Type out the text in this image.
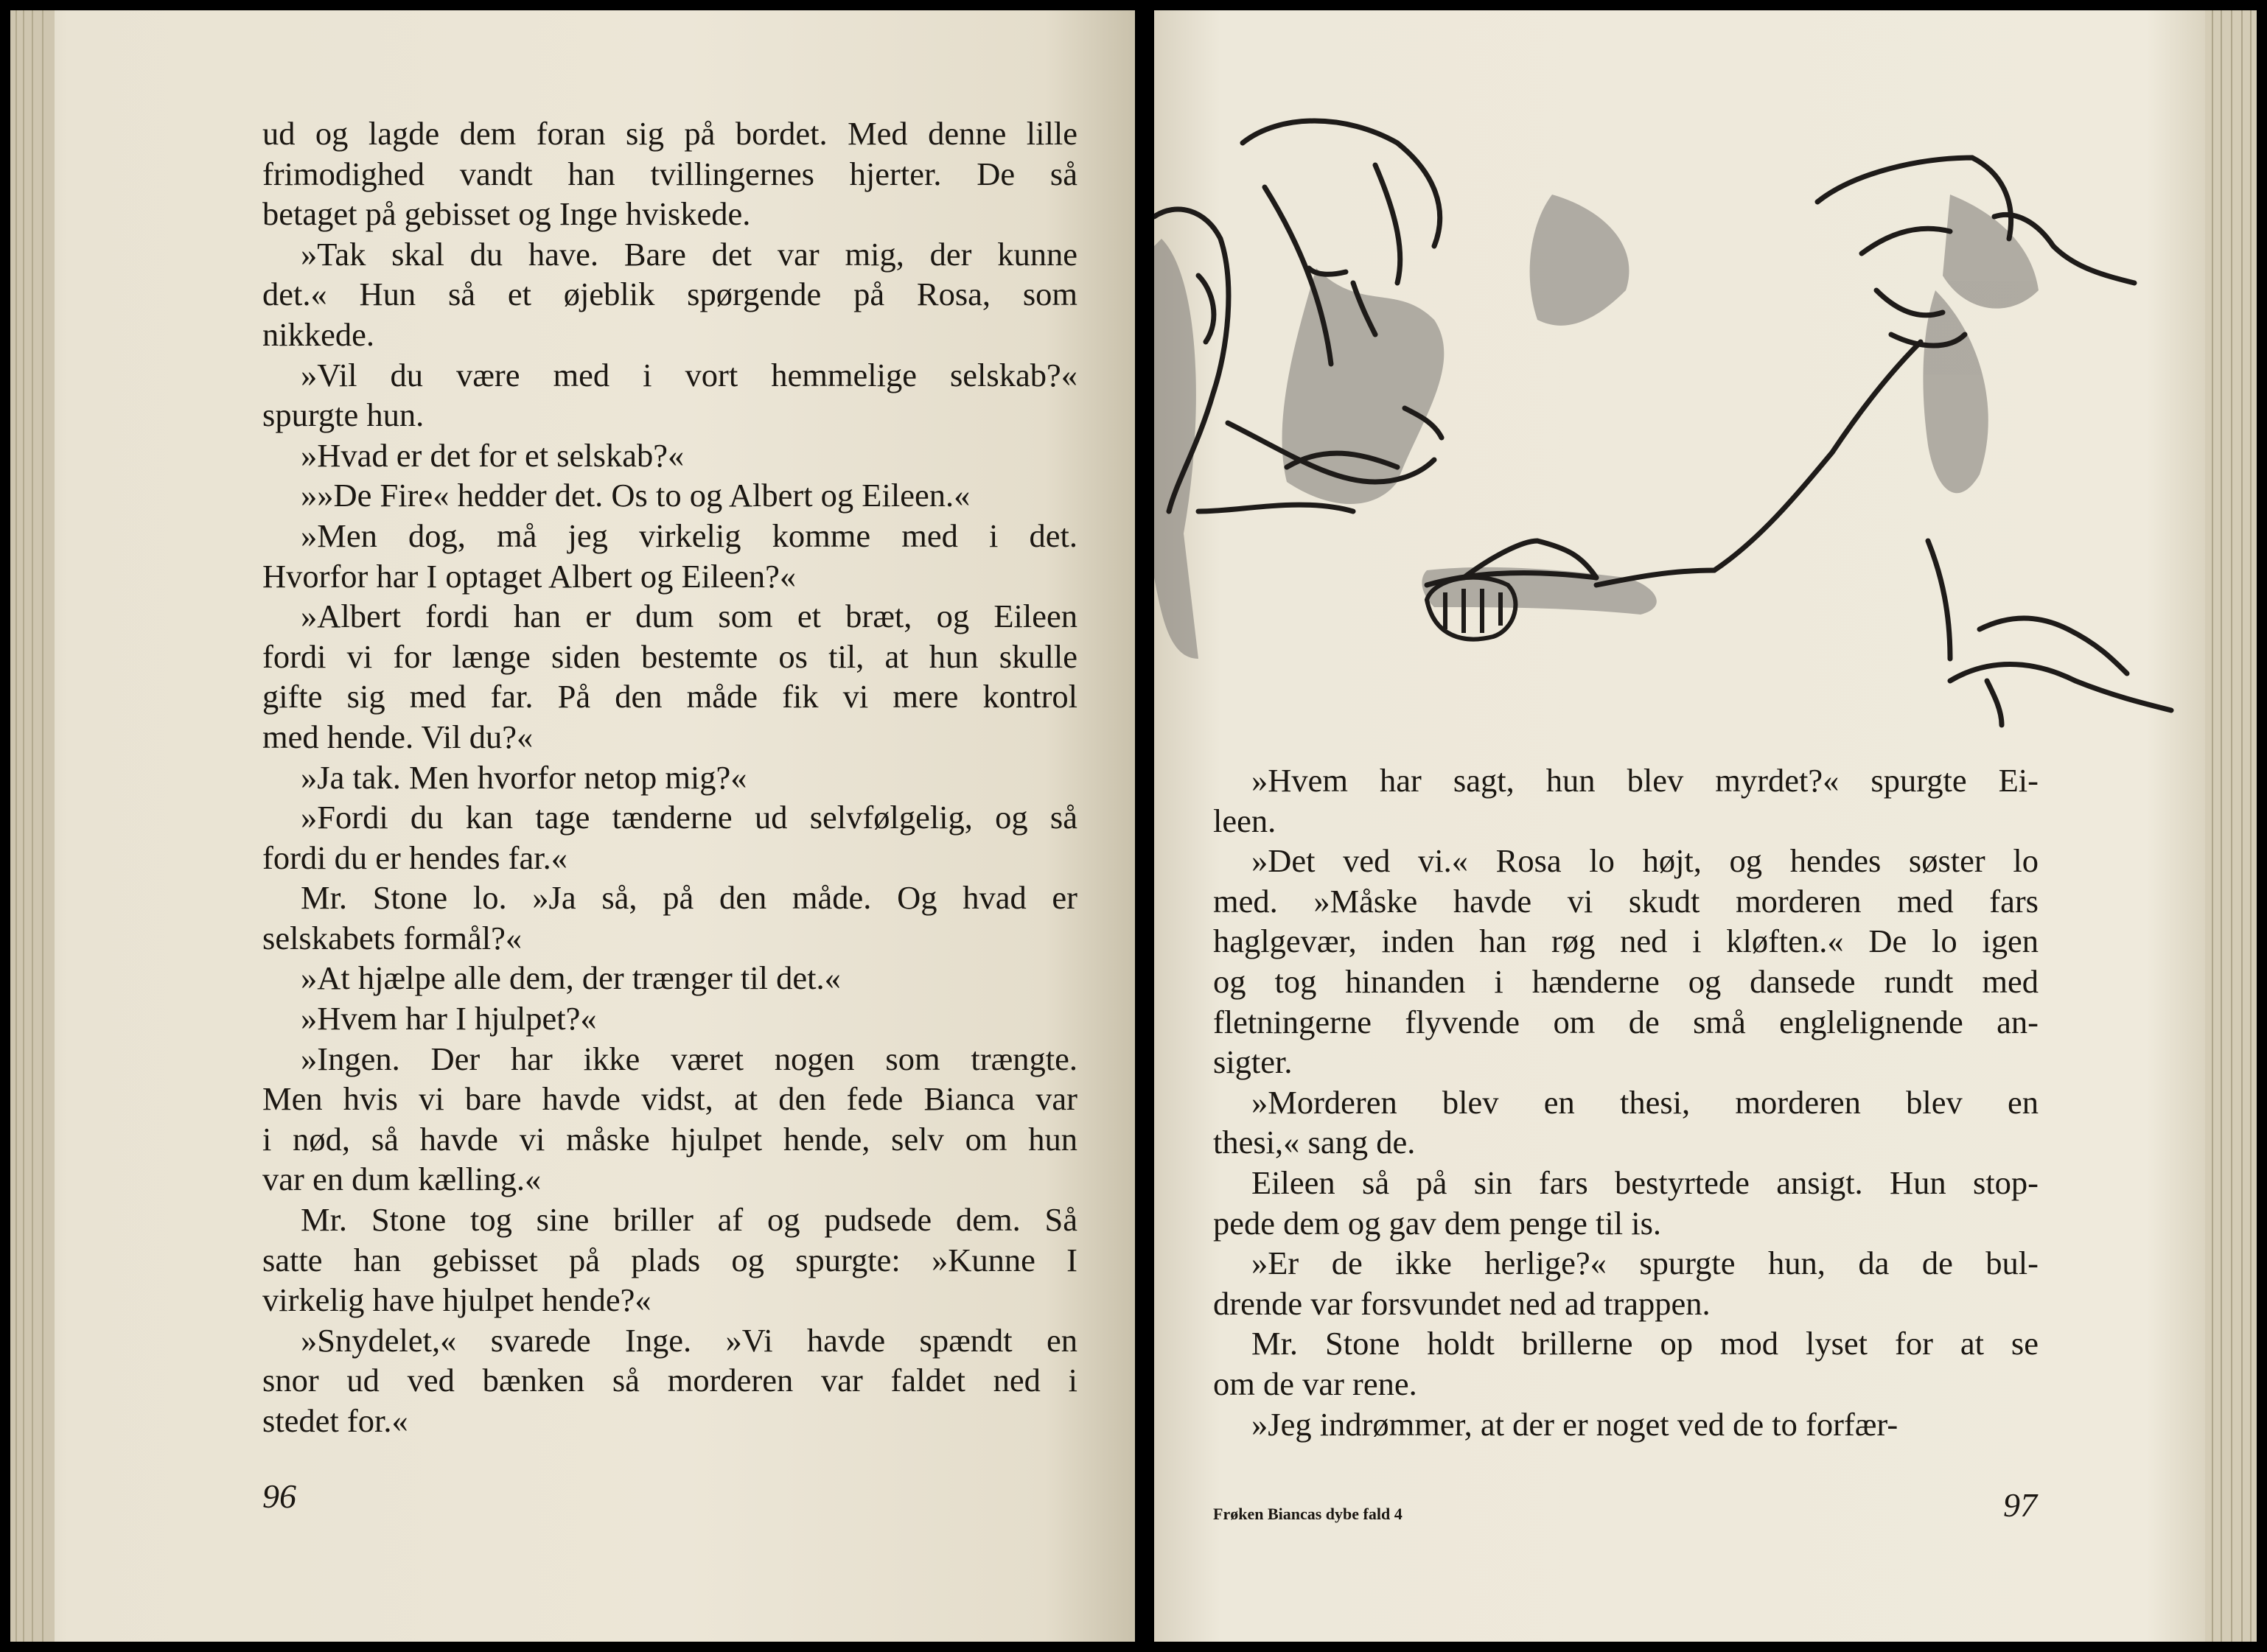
ud og lagde dem foran sig på bordet. Med denne lille

frimodighed vandt han tvillingernes hjerter. De så

betaget på gebisset og Inge hviskede.

»Tak skal du have. Bare det var mig, der kunne

det.« Hun så et øjeblik spørgende på Rosa, som

nikkede.

»Vil du være med i vort hemmelige selskab?«

spurgte hun.

»Hvad er det for et selskab?«

»»De Fire« hedder det. Os to og Albert og Eileen.«

»Men dog, må jeg virkelig komme med i det.

Hvorfor har I optaget Albert og Eileen?«

»Albert fordi han er dum som et bræt, og Eileen

fordi vi for længe siden bestemte os til, at hun skulle

gifte sig med far. På den måde fik vi mere kontrol

med hende. Vil du?«

»Ja tak. Men hvorfor netop mig?«

»Fordi du kan tage tænderne ud selvfølgelig, og så

fordi du er hendes far.«

Mr. Stone lo. »Ja så, på den måde. Og hvad er

selskabets formål?«

»At hjælpe alle dem, der trænger til det.«

»Hvem har I hjulpet?«

»Ingen. Der har ikke været nogen som trængte.

Men hvis vi bare havde vidst, at den fede Bianca var

i nød, så havde vi måske hjulpet hende, selv om hun

var en dum kælling.«

Mr. Stone tog sine briller af og pudsede dem. Så

satte han gebisset på plads og spurgte: »Kunne I

virkelig have hjulpet hende?«

»Snydelet,« svarede Inge. »Vi havde spændt en

snor ud ved bænken så morderen var faldet ned i

stedet for.«

96

»Hvem har sagt, hun blev myrdet?« spurgte Ei-

leen.

»Det ved vi.« Rosa lo højt, og hendes søster lo

med. »Måske havde vi skudt morderen med fars

haglgevær, inden han røg ned i kløften.« De lo igen

og tog hinanden i hænderne og dansede rundt med

fletningerne flyvende om de små englelignende an-

sigter.

»Morderen blev en thesi, morderen blev en

thesi,« sang de.

Eileen så på sin fars bestyrtede ansigt. Hun stop-

pede dem og gav dem penge til is.

»Er de ikke herlige?« spurgte hun, da de bul-

drende var forsvundet ned ad trappen.

Mr. Stone holdt brillerne op mod lyset for at se

om de var rene.

»Jeg indrømmer, at der er noget ved de to forfær-

Frøken Biancas dybe fald 4	97
